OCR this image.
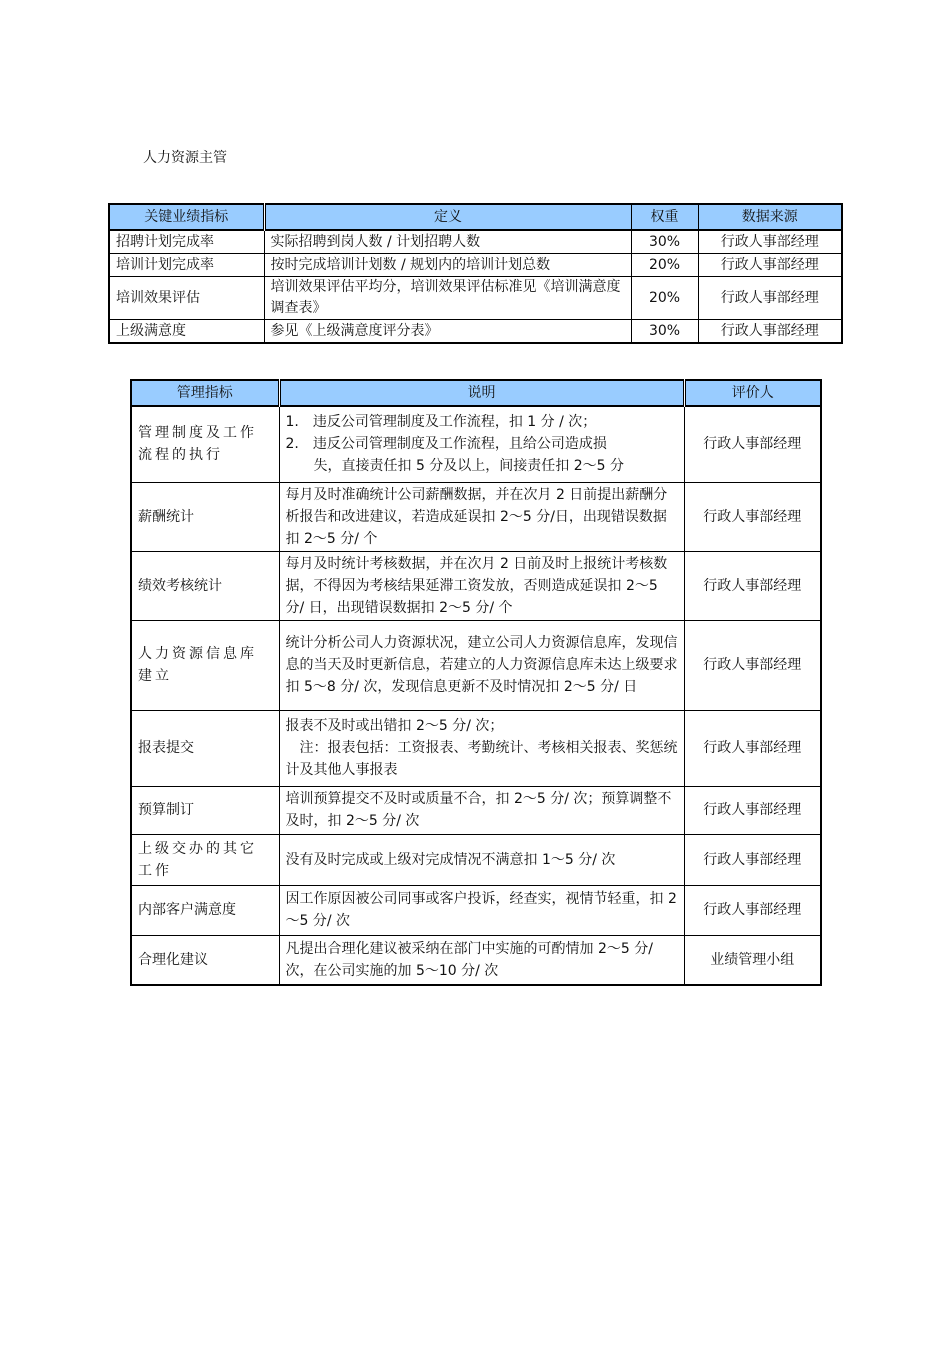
人力资源主管
关键业绩指标	定义	权重	数据来源
招聘计划完成率	实际招聘到岗人数 / 计划招聘人数	30%	行政人事部经理
培训计划完成率	按时完成培训计划数 / 规划内的培训计划总数	20%	行政人事部经理
培训效果评估	培训效果评估平均分，培训效果评估标准见《培训满意度调查表》	20%	行政人事部经理
上级满意度	参见《上级满意度评分表》	30%	行政人事部经理
管理指标	说明	评价人
管理制度及工作流程的执行	1.　违反公司管理制度及工作流程，扣 1 分 / 次；
2.　违反公司管理制度及工作流程，且给公司造成损
　　失，直接责任扣 5 分及以上，间接责任扣 2～5 分	行政人事部经理
薪酬统计	每月及时准确统计公司薪酬数据，并在次月 2 日前提出薪酬分析报告和改进建议，若造成延误扣 2～5 分/日，出现错误数据扣 2～5 分/ 个	行政人事部经理
绩效考核统计	每月及时统计考核数据，并在次月 2 日前及时上报统计考核数据，不得因为考核结果延滞工资发放，否则造成延误扣 2～5 分/ 日，出现错误数据扣 2～5 分/ 个	行政人事部经理
人力资源信息库建立	统计分析公司人力资源状况，建立公司人力资源信息库，发现信息的当天及时更新信息，若建立的人力资源信息库未达上级要求扣 5～8 分/ 次，发现信息更新不及时情况扣 2～5 分/ 日	行政人事部经理
报表提交	报表不及时或出错扣 2～5 分/ 次；
　注：报表包括：工资报表、考勤统计、考核相关报表、奖惩统计及其他人事报表	行政人事部经理
预算制订	培训预算提交不及时或质量不合，扣 2～5 分/ 次；预算调整不及时，扣 2～5 分/ 次	行政人事部经理
上级交办的其它工作	没有及时完成或上级对完成情况不满意扣 1～5 分/ 次	行政人事部经理
内部客户满意度	因工作原因被公司同事或客户投诉，经查实，视情节轻重，扣 2～5 分/ 次	行政人事部经理
合理化建议	凡提出合理化建议被采纳在部门中实施的可酌情加 2～5 分/ 次，在公司实施的加 5～10 分/ 次	业绩管理小组
